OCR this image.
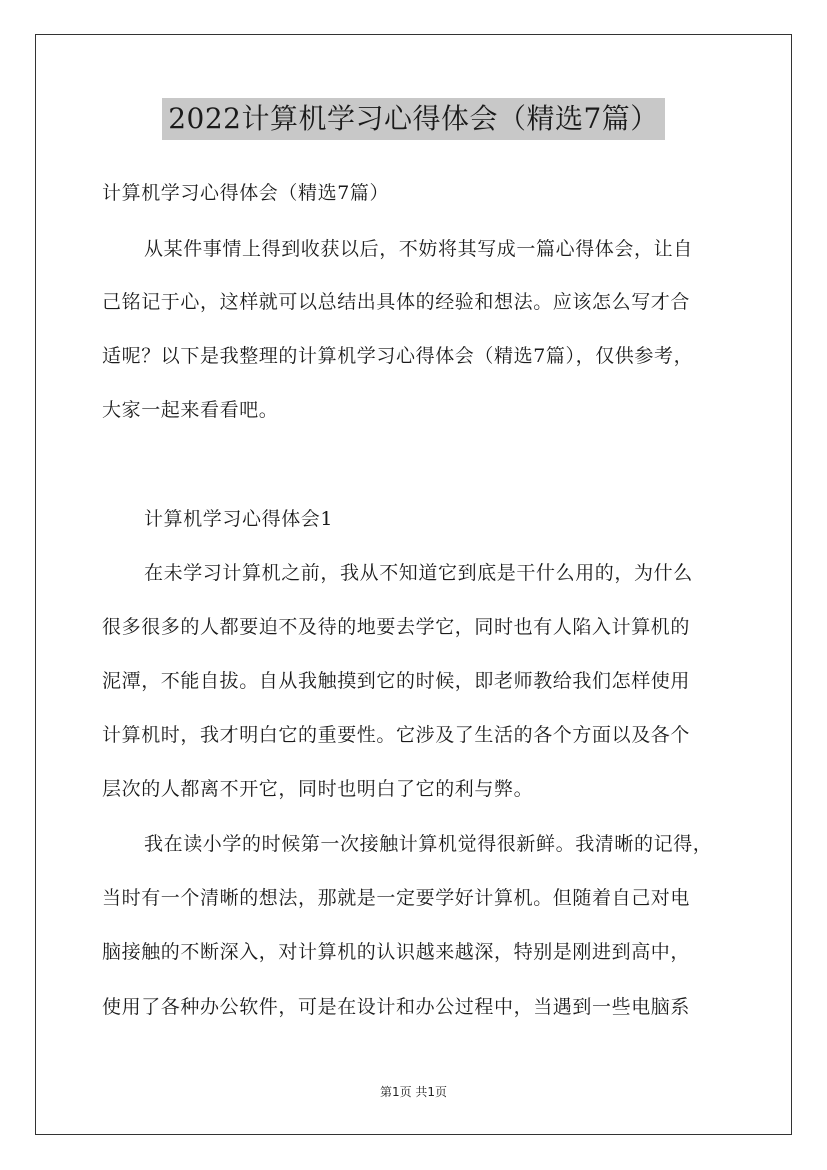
2022计算机学习心得体会（精选7篇）
计算机学习心得体会（精选7篇）
从某件事情上得到收获以后，不妨将其写成一篇心得体会，让自
己铭记于心，这样就可以总结出具体的经验和想法。应该怎么写才合
适呢？以下是我整理的计算机学习心得体会（精选7篇），仅供参考，
大家一起来看看吧。
计算机学习心得体会1
在未学习计算机之前，我从不知道它到底是干什么用的，为什么
很多很多的人都要迫不及待的地要去学它，同时也有人陷入计算机的
泥潭，不能自拔。自从我触摸到它的时候，即老师教给我们怎样使用
计算机时，我才明白它的重要性。它涉及了生活的各个方面以及各个
层次的人都离不开它，同时也明白了它的利与弊。
我在读小学的时候第一次接触计算机觉得很新鲜。我清晰的记得，
当时有一个清晰的想法，那就是一定要学好计算机。但随着自己对电
脑接触的不断深入，对计算机的认识越来越深，特别是刚进到高中，
使用了各种办公软件，可是在设计和办公过程中，当遇到一些电脑系
第1页 共1页
